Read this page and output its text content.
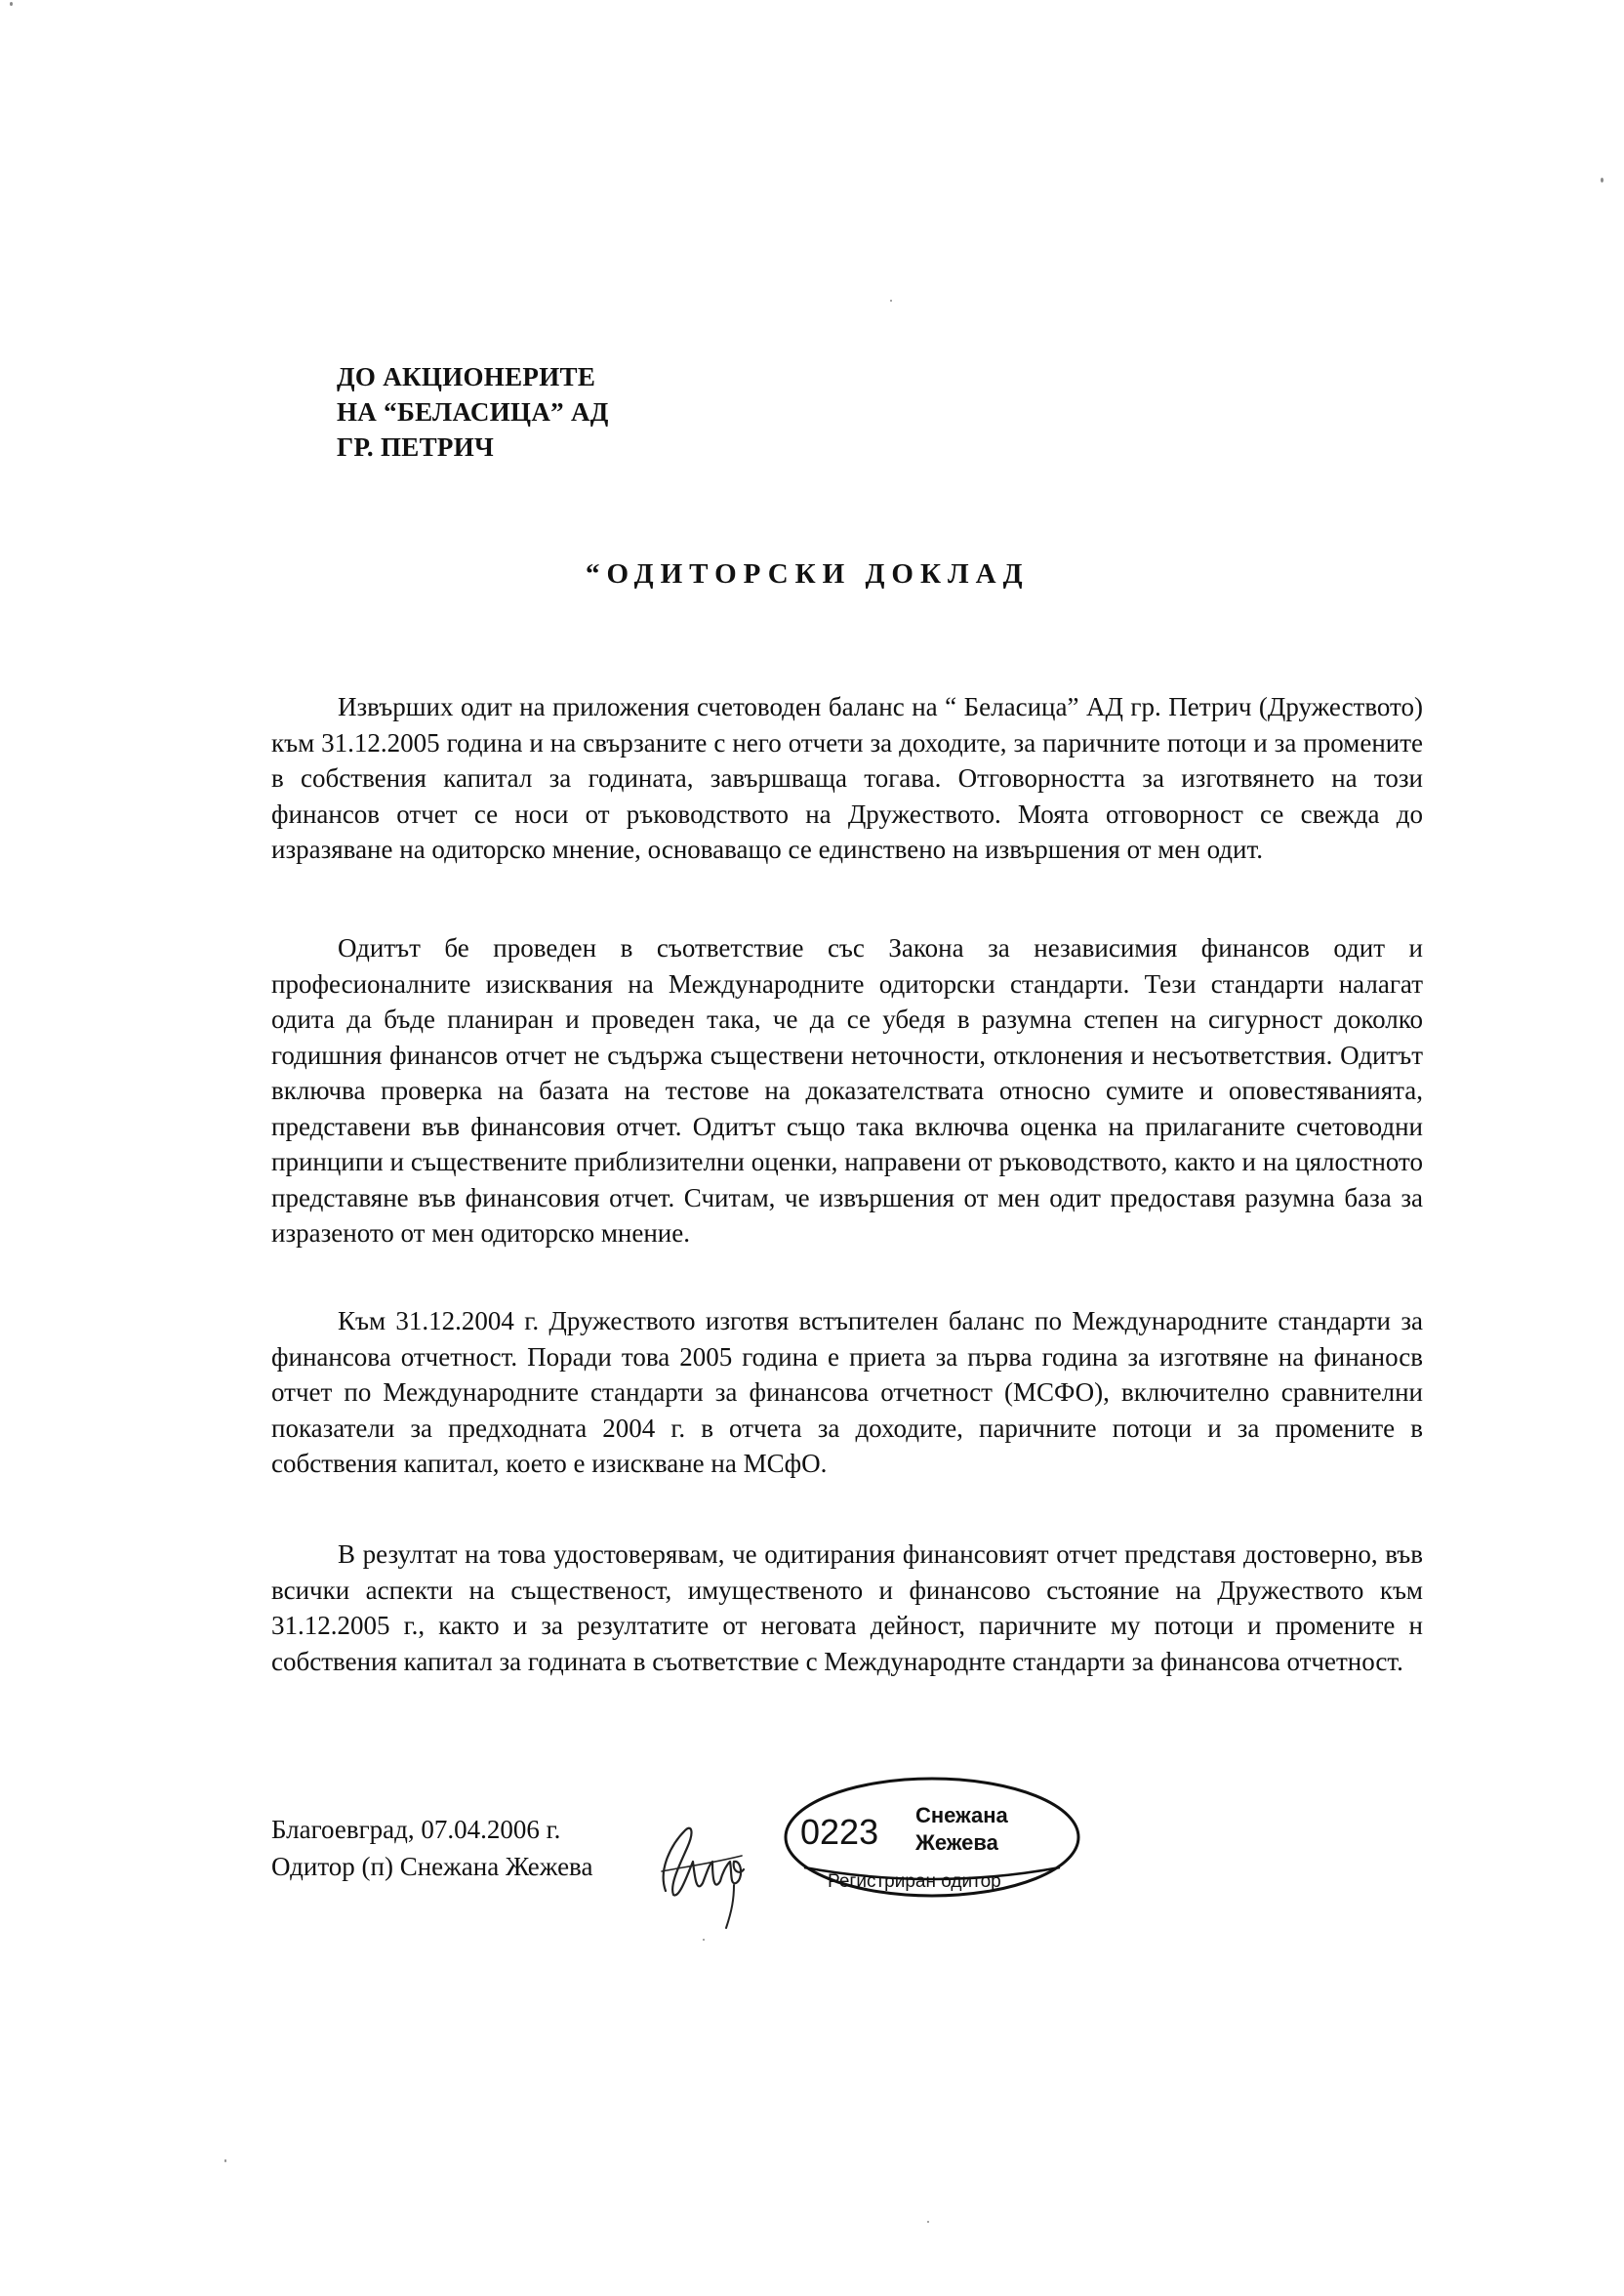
ДО АКЦИОНЕРИТЕ
НА “БЕЛАСИЦА” АД
ГР. ПЕТРИЧ
“ОДИТОРСКИ ДОКЛАД
Извърших одит на приложения счетоводен баланс на “ Беласица” АД гр. Петрич (Дружеството) към 31.12.2005 година и на свързаните с него отчети за доходите, за паричните потоци и за промените в собствения капитал за годината, завършваща тогава. Отговорността за изготвянето на този финансов отчет се носи от ръководството на Дружеството. Моята отговорност се свежда до изразяване на одиторско мнение, основаващо се единствено на извършения от мен одит.
Одитът бе проведен в съответствие със Закона за независимия финансов одит и професионалните изисквания на Международните одиторски стандарти. Тези стандарти налагат одита да бъде планиран и проведен така, че да се убедя в разумна степен на сигурност доколко годишния финансов отчет не съдържа съществени неточности, отклонения и несъответствия. Одитът включва проверка на базата на тестове на доказателствата относно сумите и оповестяванията, представени във финансовия отчет. Одитът също така включва оценка на прилаганите счетоводни принципи и съществените приблизителни оценки, направени от ръководството, както и на цялостното представяне във финансовия отчет. Считам, че извършения от мен одит предоставя разумна база за изразеното от мен одиторско мнение.
Към 31.12.2004 г. Дружеството изготвя встъпителен баланс по Международните стандарти за финансова отчетност. Поради това 2005 година е приета за първа година за изготвяне на финаносв отчет по Международните стандарти за финансова отчетност (МСФО), включително сравнителни показатели за предходната 2004 г. в отчета за доходите, паричните потоци и за промените в собствения капитал, което е изискване на МСфО.
В резултат на това удостоверявам, че одитирания финансовият отчет представя достоверно, във всички аспекти на същественост, имущественото и финансово състояние на Дружеството към 31.12.2005 г., както и за резултатите от неговата дейност, паричните му потоци и промените н собствения капитал за годината в съответствие с Международнте стандарти за финансова отчетност.
Благоевград, 07.04.2006 г.
Одитор (п) Снежана Жежева
0223 Снежана
Жежева
Регистриран одитор
